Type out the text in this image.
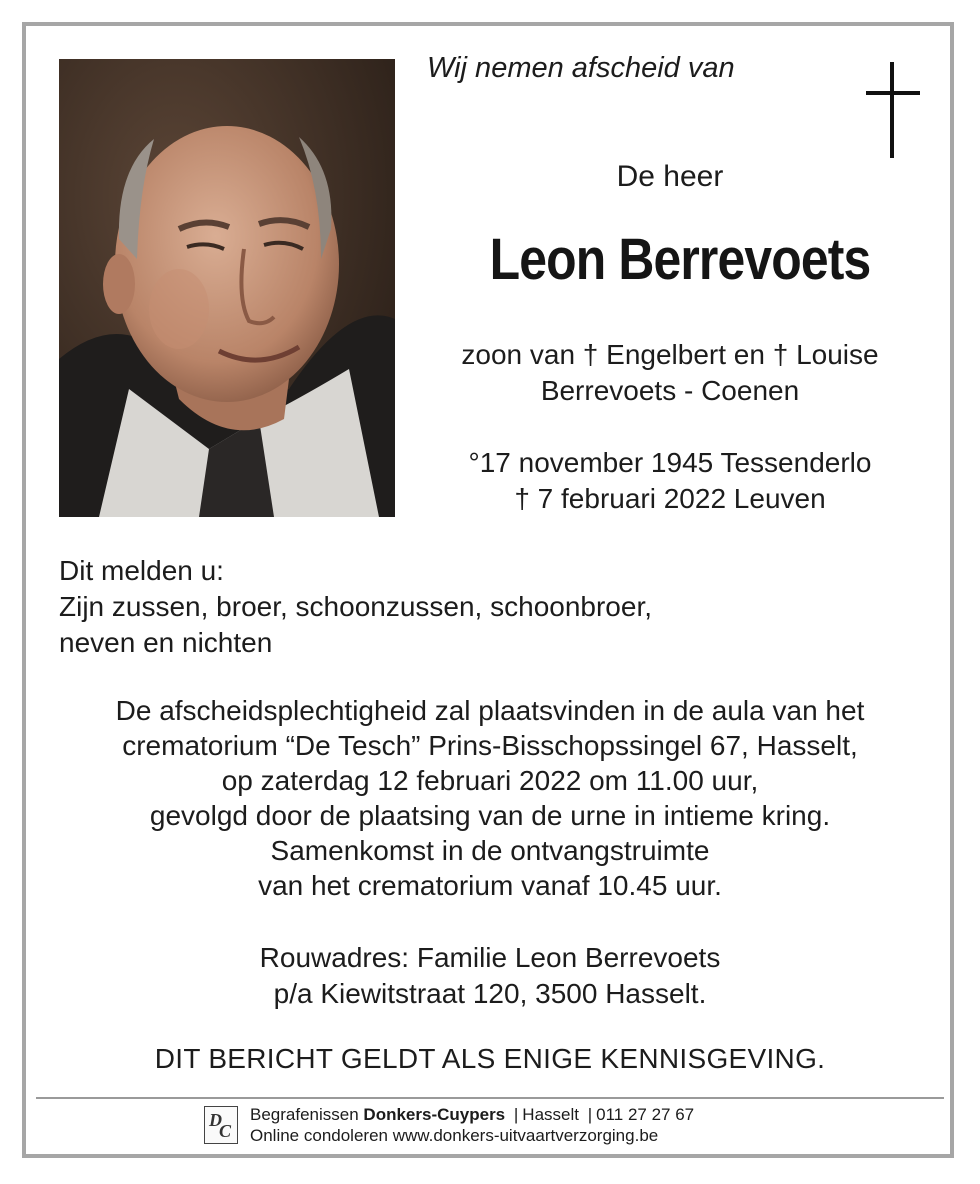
Wij nemen afscheid van
De heer
Leon Berrevoets
zoon van † Engelbert en † Louise
Berrevoets - Coenen
°17 november 1945 Tessenderlo
† 7 februari 2022 Leuven
Dit melden u:
Zijn zussen, broer, schoonzussen, schoonbroer,
neven en nichten
De afscheidsplechtigheid zal plaatsvinden in de aula van het
crematorium “De Tesch” Prins-Bisschopssingel 67, Hasselt,
op zaterdag 12 februari 2022 om 11.00 uur,
gevolgd door de plaatsing van de urne in intieme kring.
Samenkomst in de ontvangstruimte
van het crematorium vanaf 10.45 uur.
Rouwadres: Familie Leon Berrevoets
p/a Kiewitstraat 120, 3500 Hasselt.
DIT BERICHT GELDT ALS ENIGE KENNISGEVING.
D
C
Begrafenissen Donkers-Cuypers | Hasselt | 011 27 27 67
Online condoleren www.donkers-uitvaartverzorging.be
